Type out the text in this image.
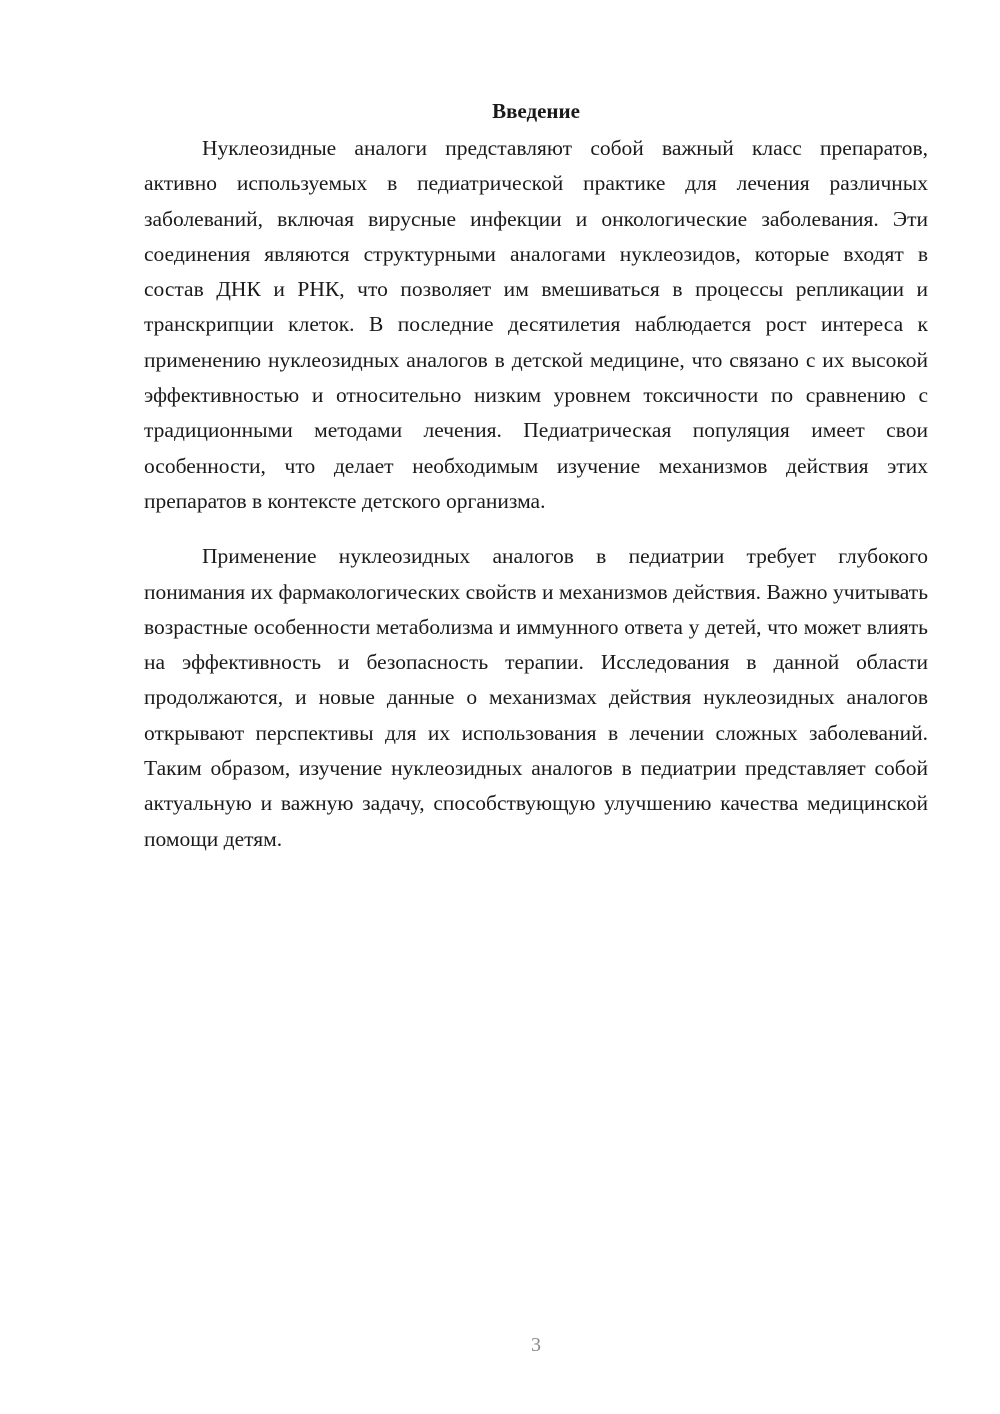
Введение

Нуклеозидные аналоги представляют собой важный класс препаратов, активно используемых в педиатрической практике для лечения различных заболеваний, включая вирусные инфекции и онкологические заболевания. Эти соединения являются структурными аналогами нуклеозидов, которые входят в состав ДНК и РНК, что позволяет им вмешиваться в процессы репликации и транскрипции клеток. В последние десятилетия наблюдается рост интереса к применению нуклеозидных аналогов в детской медицине, что связано с их высокой эффективностью и относительно низким уровнем токсичности по сравнению с традиционными методами лечения. Педиатрическая популяция имеет свои особенности, что делает необходимым изучение механизмов действия этих препаратов в контексте детского организма.

Применение нуклеозидных аналогов в педиатрии требует глубокого понимания их фармакологических свойств и механизмов действия. Важно учитывать возрастные особенности метаболизма и иммунного ответа у детей, что может влиять на эффективность и безопасность терапии. Исследования в данной области продолжаются, и новые данные о механизмах действия нуклеозидных аналогов открывают перспективы для их использования в лечении сложных заболеваний. Таким образом, изучение нуклеозидных аналогов в педиатрии представляет собой актуальную и важную задачу, способствующую улучшению качества медицинской помощи детям.

3
